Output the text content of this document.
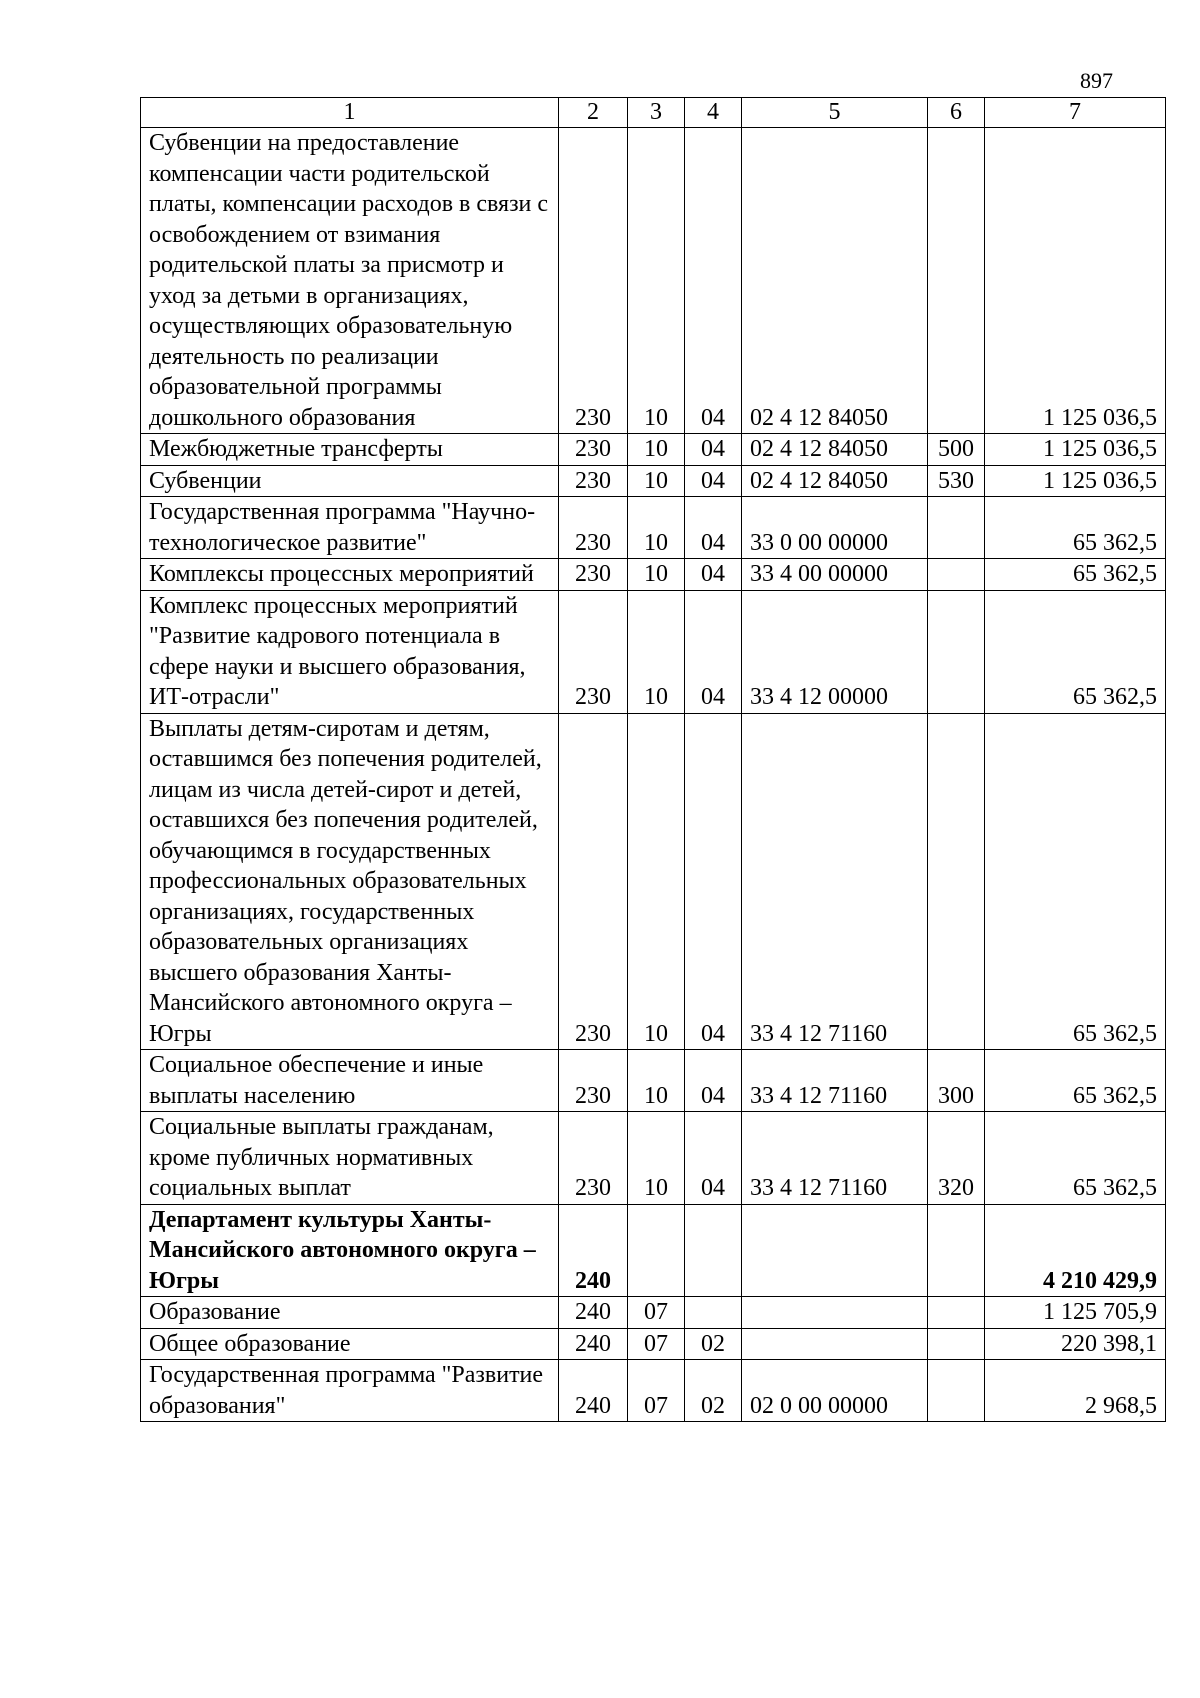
897
1	2	3	4	5	6	7
Субвенции на предоставление компенсации части родительской платы, компенсации расходов в связи с освобождением от взимания родительской платы за присмотр и уход за детьми в организациях, осуществляющих образовательную деятельность по реализации образовательной программы дошкольного образования	230	10	04	02 4 12 84050		1 125 036,5
Межбюджетные трансферты	230	10	04	02 4 12 84050	500	1 125 036,5
Субвенции	230	10	04	02 4 12 84050	530	1 125 036,5
Государственная программа "Научно-технологическое развитие"	230	10	04	33 0 00 00000		65 362,5
Комплексы процессных мероприятий	230	10	04	33 4 00 00000		65 362,5
Комплекс процессных мероприятий "Развитие кадрового потенциала в сфере науки и высшего образования, ИТ-отрасли"	230	10	04	33 4 12 00000		65 362,5
Выплаты детям-сиротам и детям, оставшимся без попечения родителей, лицам из числа детей-сирот и детей, оставшихся без попечения родителей, обучающимся в государственных профессиональных образовательных организациях, государственных образовательных организациях высшего образования Ханты-Мансийского автономного округа – Югры	230	10	04	33 4 12 71160		65 362,5
Социальное обеспечение и иные выплаты населению	230	10	04	33 4 12 71160	300	65 362,5
Социальные выплаты гражданам, кроме публичных нормативных социальных выплат	230	10	04	33 4 12 71160	320	65 362,5
Департамент культуры Ханты-Мансийского автономного округа – Югры	240					4 210 429,9
Образование	240	07				1 125 705,9
Общее образование	240	07	02			220 398,1
Государственная программа "Развитие образования"	240	07	02	02 0 00 00000		2 968,5
